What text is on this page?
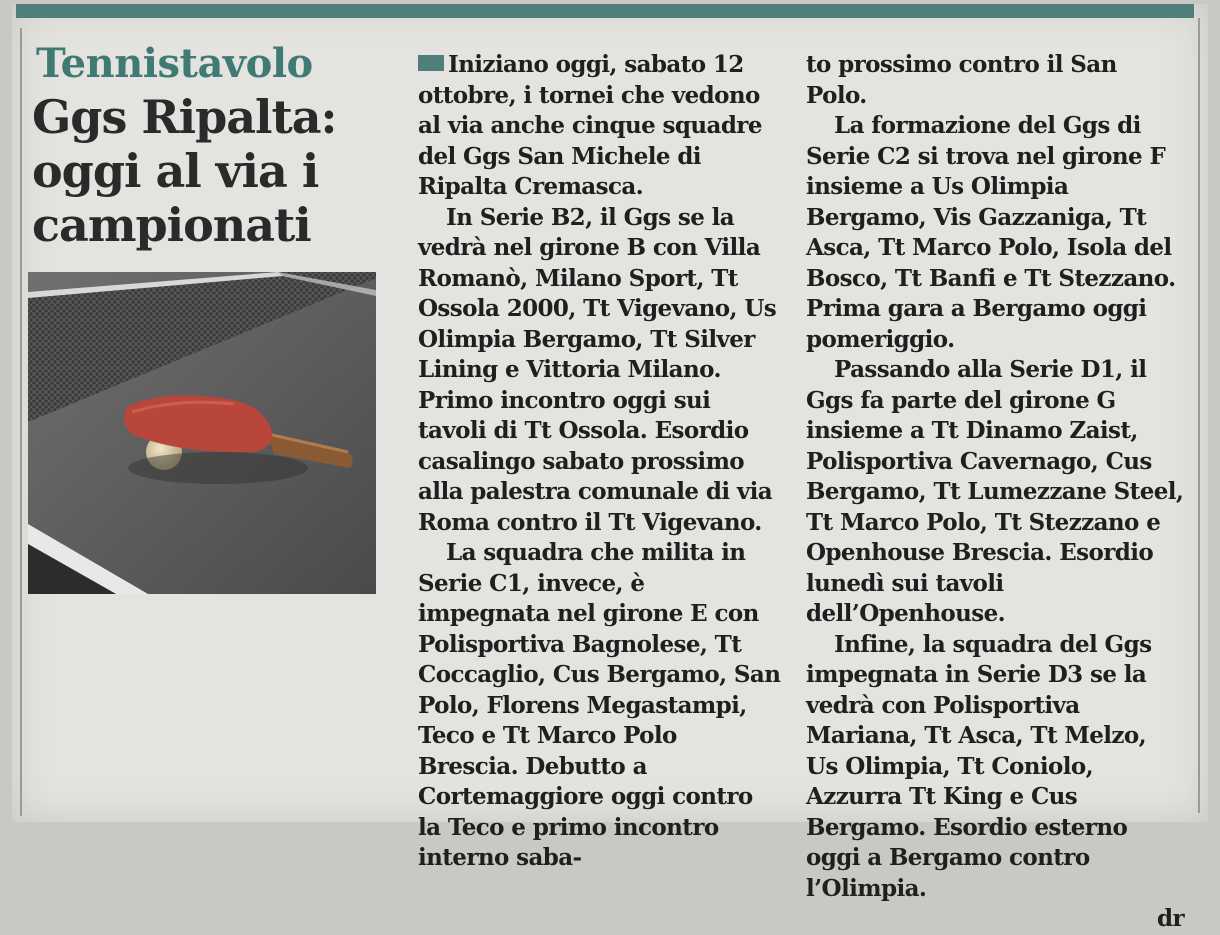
Tennistavolo
Ggs Ripalta: oggi al via i campionati

Iniziano oggi, sabato 12 ottobre, i tornei che vedono al via anche cinque squadre del Ggs San Michele di Ripalta Cremasca.

In Serie B2, il Ggs se la vedrà nel girone B con Villa Romanò, Milano Sport, Tt Ossola 2000, Tt Vigevano, Us Olimpia Bergamo, Tt Silver Lining e Vittoria Milano. Primo incontro oggi sui tavoli di Tt Ossola. Esordio casalingo sabato prossimo alla palestra comunale di via Roma contro il Tt Vigevano.

La squadra che milita in Serie C1, invece, è impegnata nel girone E con Polisportiva Bagnolese, Tt Coccaglio, Cus Bergamo, San Polo, Florens Megastampi, Teco e Tt Marco Polo Brescia. Debutto a Cortemaggiore oggi contro la Teco e primo incontro interno saba-

to prossimo contro il San Polo.

La formazione del Ggs di Serie C2 si trova nel girone F insieme a Us Olimpia Bergamo, Vis Gazzaniga, Tt Asca, Tt Marco Polo, Isola del Bosco, Tt Banfi e Tt Stezzano. Prima gara a Bergamo oggi pomeriggio.

Passando alla Serie D1, il Ggs fa parte del girone G insieme a Tt Dinamo Zaist, Polisportiva Cavernago, Cus Bergamo, Tt Lumezzane Steel, Tt Marco Polo, Tt Stezzano e Openhouse Brescia. Esordio lunedì sui tavoli dell’Openhouse.

Infine, la squadra del Ggs impegnata in Serie D3 se la vedrà con Polisportiva Mariana, Tt Asca, Tt Melzo, Us Olimpia, Tt Coniolo, Azzurra Tt King e Cus Bergamo. Esordio esterno oggi a Bergamo contro l’Olimpia.

dr
